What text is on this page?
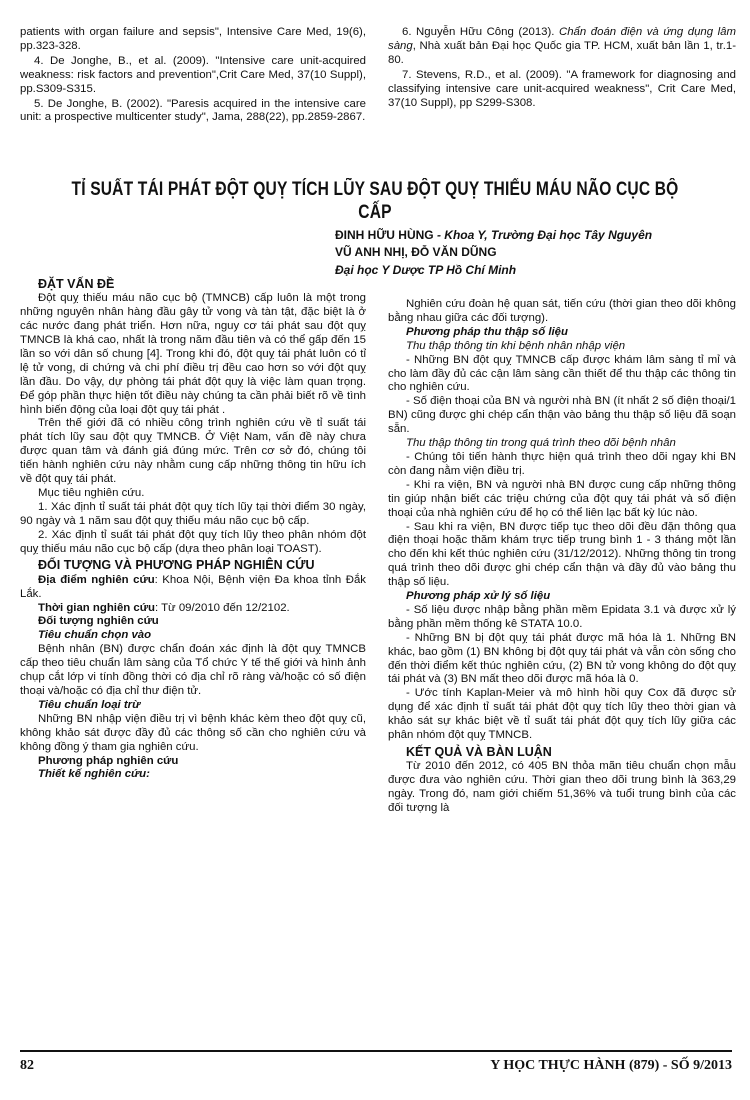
patients with organ failure and sepsis", Intensive Care Med, 19(6), pp.323-328.

4. De Jonghe, B., et al. (2009). "Intensive care unit-acquired weakness: risk factors and prevention",Crit Care Med, 37(10 Suppl), pp.S309-S315.

5. De Jonghe, B. (2002). "Paresis acquired in the intensive care unit: a prospective multicenter study", Jama, 288(22), pp.2859-2867.

6. Nguyễn Hữu Công (2013). Chẩn đoán điện và ứng dụng lâm sàng, Nhà xuất bản Đại học Quốc gia TP. HCM, xuất bản lần 1, tr.1-80.

7. Stevens, R.D., et al. (2009). "A framework for diagnosing and classifying intensive care unit-acquired weakness", Crit Care Med, 37(10 Suppl), pp S299-S308.

TỈ SUẤT TÁI PHÁT ĐỘT QUỴ TÍCH LŨY SAU ĐỘT QUỴ THIẾU MÁU NÃO CỤC BỘ CẤP
ĐINH HỮU HÙNG - Khoa Y, Trường Đại học Tây Nguyên
VŨ ANH NHỊ, ĐỖ VĂN DŨNG
Đại học Y Dược TP Hồ Chí Minh

ĐẶT VẤN ĐỀ

Đột quỵ thiếu máu não cục bộ (TMNCB) cấp luôn là một trong những nguyên nhân hàng đầu gây tử vong và tàn tật, đặc biệt là ở các nước đang phát triển. Hơn nữa, nguy cơ tái phát sau đột quỵ TMNCB là khá cao, nhất là trong năm đầu tiên và có thể gấp đến 15 lần so với dân số chung [4]. Trong khi đó, đột quỵ tái phát luôn có tỉ lệ tử vong, di chứng và chi phí điều trị đều cao hơn so với đột quỵ lần đầu. Do vậy, dự phòng tái phát đột quỵ là việc làm quan trọng. Để góp phần thực hiện tốt điều này chúng ta cần phải biết rõ về tình hình biến động của loại đột quỵ tái phát .

Trên thế giới đã có nhiều công trình nghiên cứu về tỉ suất tái phát tích lũy sau đột quỵ TMNCB. Ở Việt Nam, vấn đề này chưa được quan tâm và đánh giá đúng mức. Trên cơ sở đó, chúng tôi tiến hành nghiên cứu này nhằm cung cấp những thông tin hữu ích về đột quỵ tái phát.

Mục tiêu nghiên cứu.

1. Xác định tỉ suất tái phát đột quỵ tích lũy tại thời điểm 30 ngày, 90 ngày và 1 năm sau đột quỵ thiếu máu não cục bộ cấp.

2. Xác định tỉ suất tái phát đột quỵ tích lũy theo phân nhóm đột quỵ thiếu máu não cục bộ cấp (dựa theo phân loại TOAST).

ĐỐI TƯỢNG VÀ PHƯƠNG PHÁP NGHIÊN CỨU

Địa điểm nghiên cứu: Khoa Nội, Bệnh viện Đa khoa tỉnh Đắk Lắk.

Thời gian nghiên cứu: Từ 09/2010 đến 12/2102.

Đối tượng nghiên cứu

Tiêu chuẩn chọn vào

Bệnh nhân (BN) được chẩn đoán xác định là đột quỵ TMNCB cấp theo tiêu chuẩn lâm sàng của Tổ chức Y tế thế giới và hình ảnh chụp cắt lớp vi tính đồng thời có địa chỉ rõ ràng và/hoặc có số điện thoại và/hoặc có địa chỉ thư điện tử.

Tiêu chuẩn loại trừ

Những BN nhập viện điều trị vì bệnh khác kèm theo đột quỵ cũ, không khảo sát được đầy đủ các thông số cần cho nghiên cứu và không đồng ý tham gia nghiên cứu.

Phương pháp nghiên cứu

Thiết kế nghiên cứu:

Nghiên cứu đoàn hệ quan sát, tiến cứu (thời gian theo dõi không bằng nhau giữa các đối tượng).

Phương pháp thu thập số liệu

Thu thập thông tin khi bệnh nhân nhập viện

- Những BN đột quỵ TMNCB cấp được khám lâm sàng tỉ mỉ và cho làm đầy đủ các cận lâm sàng cần thiết để thu thập các thông tin cho nghiên cứu.

- Số điện thoại của BN và người nhà BN (ít nhất 2 số điện thoại/1 BN) cũng được ghi chép cẩn thận vào bảng thu thập số liệu đã soạn sẵn.

Thu thập thông tin trong quá trình theo dõi bệnh nhân

- Chúng tôi tiến hành thực hiện quá trình theo dõi ngay khi BN còn đang nằm viện điều trị.

- Khi ra viện, BN và người nhà BN được cung cấp những thông tin giúp nhận biết các triệu chứng của đột quỵ tái phát và số điện thoại của nhà nghiên cứu để họ có thể liên lạc bất kỳ lúc nào.

- Sau khi ra viện, BN được tiếp tục theo dõi đều đặn thông qua điện thoại hoặc thăm khám trực tiếp trung bình 1 - 3 tháng một lần cho đến khi kết thúc nghiên cứu (31/12/2012). Những thông tin trong quá trình theo dõi được ghi chép cẩn thận và đầy đủ vào bảng thu thập số liệu.

Phương pháp xử lý số liệu

- Số liệu được nhập bằng phần mềm Epidata 3.1 và được xử lý bằng phần mềm thống kê STATA 10.0.

- Những BN bị đột quỵ tái phát được mã hóa là 1. Những BN khác, bao gồm (1) BN không bị đột quỵ tái phát và vẫn còn sống cho đến thời điểm kết thúc nghiên cứu, (2) BN tử vong không do đột quỵ tái phát và (3) BN mất theo dõi được mã hóa là 0.

- Ước tính Kaplan-Meier và mô hình hồi quy Cox đã được sử dụng để xác định tỉ suất tái phát đột quỵ tích lũy theo thời gian và khảo sát sự khác biệt về tỉ suất tái phát đột quỵ tích lũy giữa các phân nhóm đột quỵ TMNCB.

KẾT QUẢ VÀ BÀN LUẬN

Từ 2010 đến 2012, có 405 BN thỏa mãn tiêu chuẩn chọn mẫu được đưa vào nghiên cứu. Thời gian theo dõi trung bình là 363,29 ngày. Trong đó, nam giới chiếm 51,36% và tuổi trung bình của các đối tượng là

82	Y HỌC THỰC HÀNH (879) - SỐ 9/2013
